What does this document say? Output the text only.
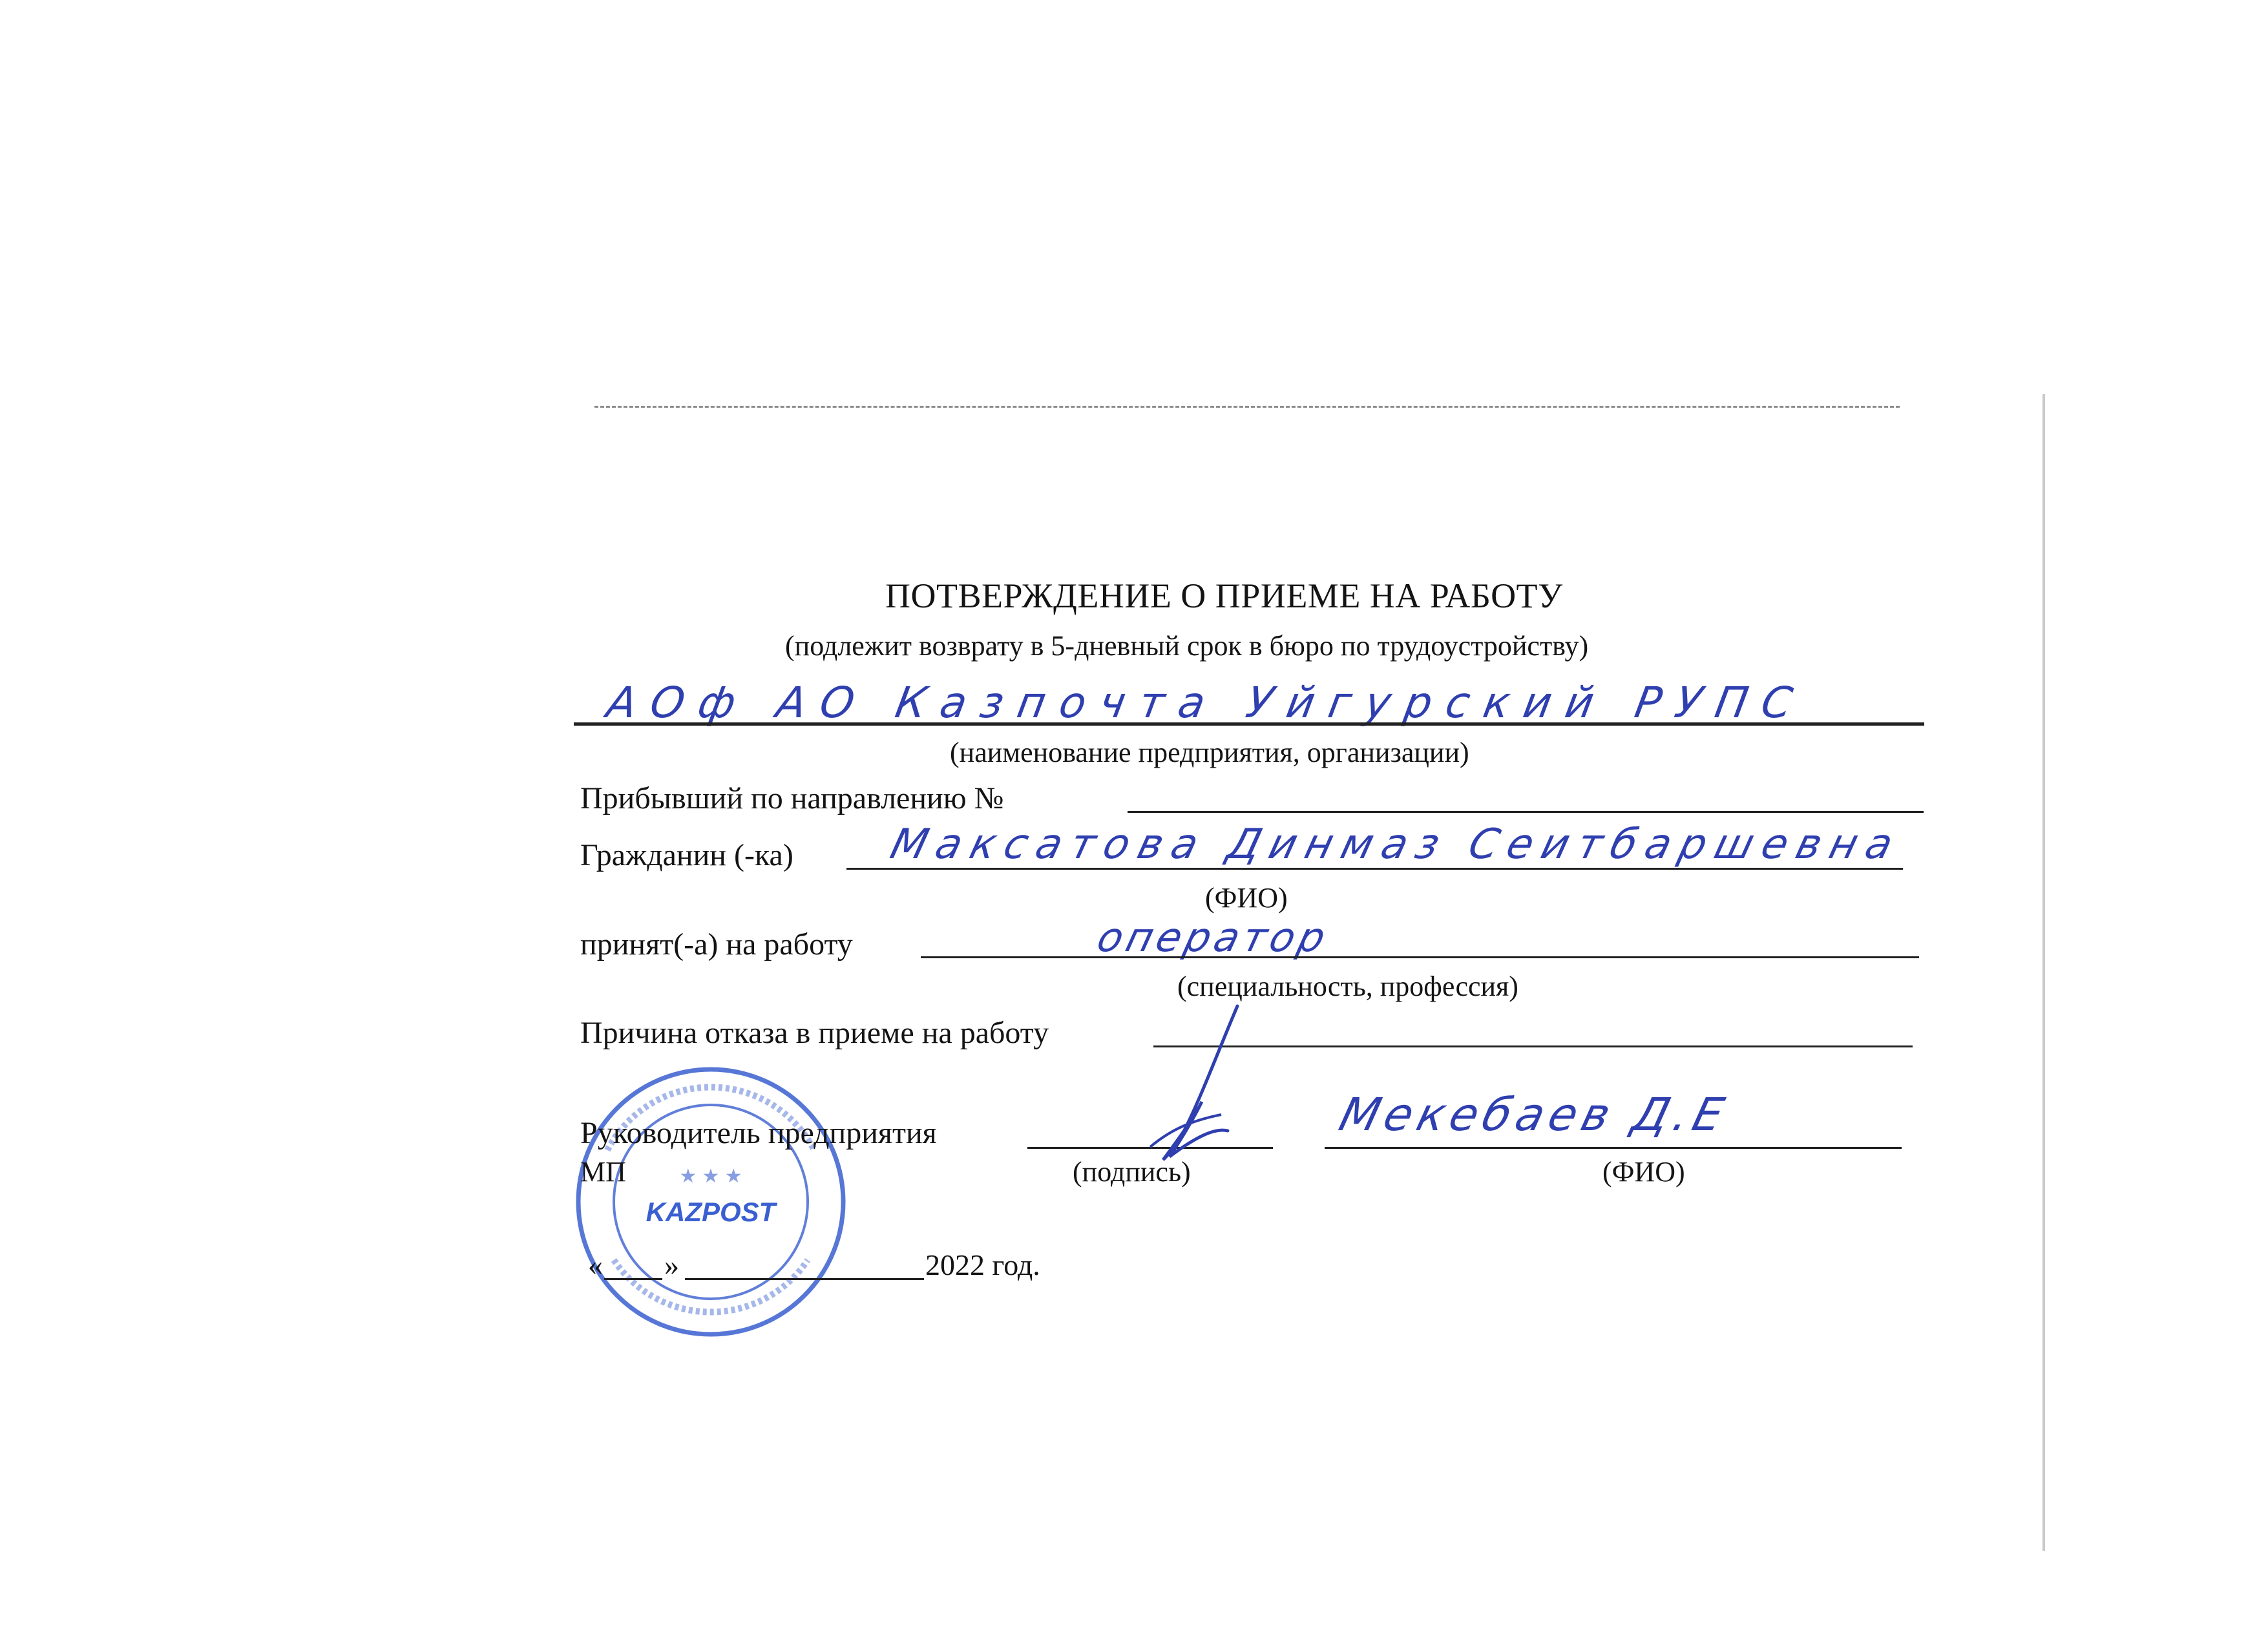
ПОТВЕРЖДЕНИЕ О ПРИЕМЕ НА РАБОТУ
(подлежит возврату в 5-дневный срок в бюро по трудоустройству)
АОф АО Казпочта Уйгурский РУПС
(наименование предприятия, организации)
Прибывший по направлению №
Гражданин (-ка) Максатова Динмаз Сеитбаршевна
(ФИО)
принят(-а) на работу	оператор
(специальность, профессия)
Причина отказа в приеме на работу
★ ★ ★
KAZPOST
Руководитель предприятия	Мекебаев Д.Е
МП	(подпись)	(ФИО)
« »	2022 год.
